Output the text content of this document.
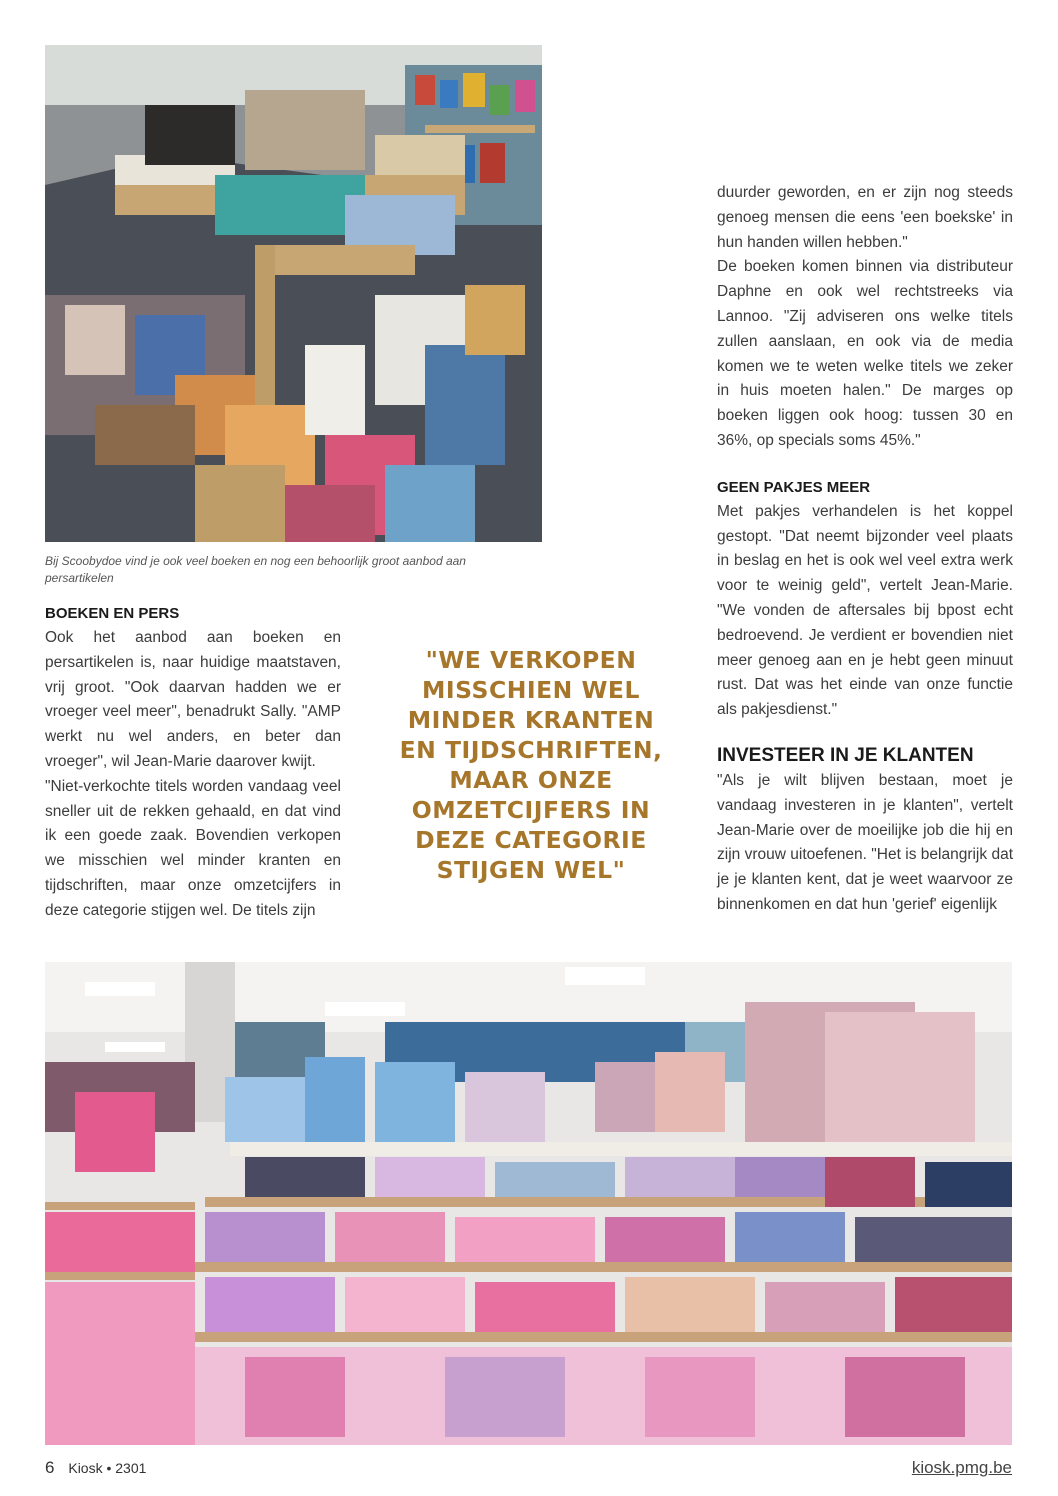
Bij Scoobydoe vind je ook veel boeken en nog een behoorlijk groot aanbod aan persartikelen

BOEKEN EN PERS

Ook het aanbod aan boeken en persartikelen is, naar huidige maatstaven, vrij groot. "Ook daarvan hadden we er vroeger veel meer", benadrukt Sally. "AMP werkt nu wel anders, en beter dan vroeger", wil Jean-Marie daarover kwijt.

"Niet-verkochte titels worden vandaag veel sneller uit de rekken gehaald, en dat vind ik een goede zaak. Bovendien verkopen we misschien wel minder kranten en tijdschriften, maar onze omzetcijfers in deze categorie stijgen wel. De titels zijn

"WE VERKOPEN MISSCHIEN WEL MINDER KRANTEN EN TIJDSCHRIFTEN, MAAR ONZE OMZETCIJFERS IN DEZE CATEGORIE STIJGEN WEL"

duurder geworden, en er zijn nog steeds genoeg mensen die eens 'een boekske' in hun handen willen hebben."

De boeken komen binnen via distributeur Daphne en ook wel rechtstreeks via Lannoo. "Zij adviseren ons welke titels zullen aanslaan, en ook via de media komen we te weten welke titels we zeker in huis moeten halen." De marges op boeken liggen ook hoog: tussen 30 en 36%, op specials soms 45%."

GEEN PAKJES MEER

Met pakjes verhandelen is het koppel gestopt. "Dat neemt bijzonder veel plaats in beslag en het is ook wel veel extra werk voor te weinig geld", vertelt Jean-Marie. "We vonden de aftersales bij bpost echt bedroevend. Je verdient er bovendien niet meer genoeg aan en je hebt geen minuut rust. Dat was het einde van onze functie als pakjesdienst."

INVESTEER IN JE KLANTEN

"Als je wilt blijven bestaan, moet je vandaag investeren in je klanten", vertelt Jean-Marie over de moeilijke job die hij en zijn vrouw uitoefenen. "Het is belangrijk dat je je klanten kent, dat je weet waarvoor ze binnenkomen en dat hun 'gerief' eigenlijk

6 Kiosk • 2301	kiosk.pmg.be
